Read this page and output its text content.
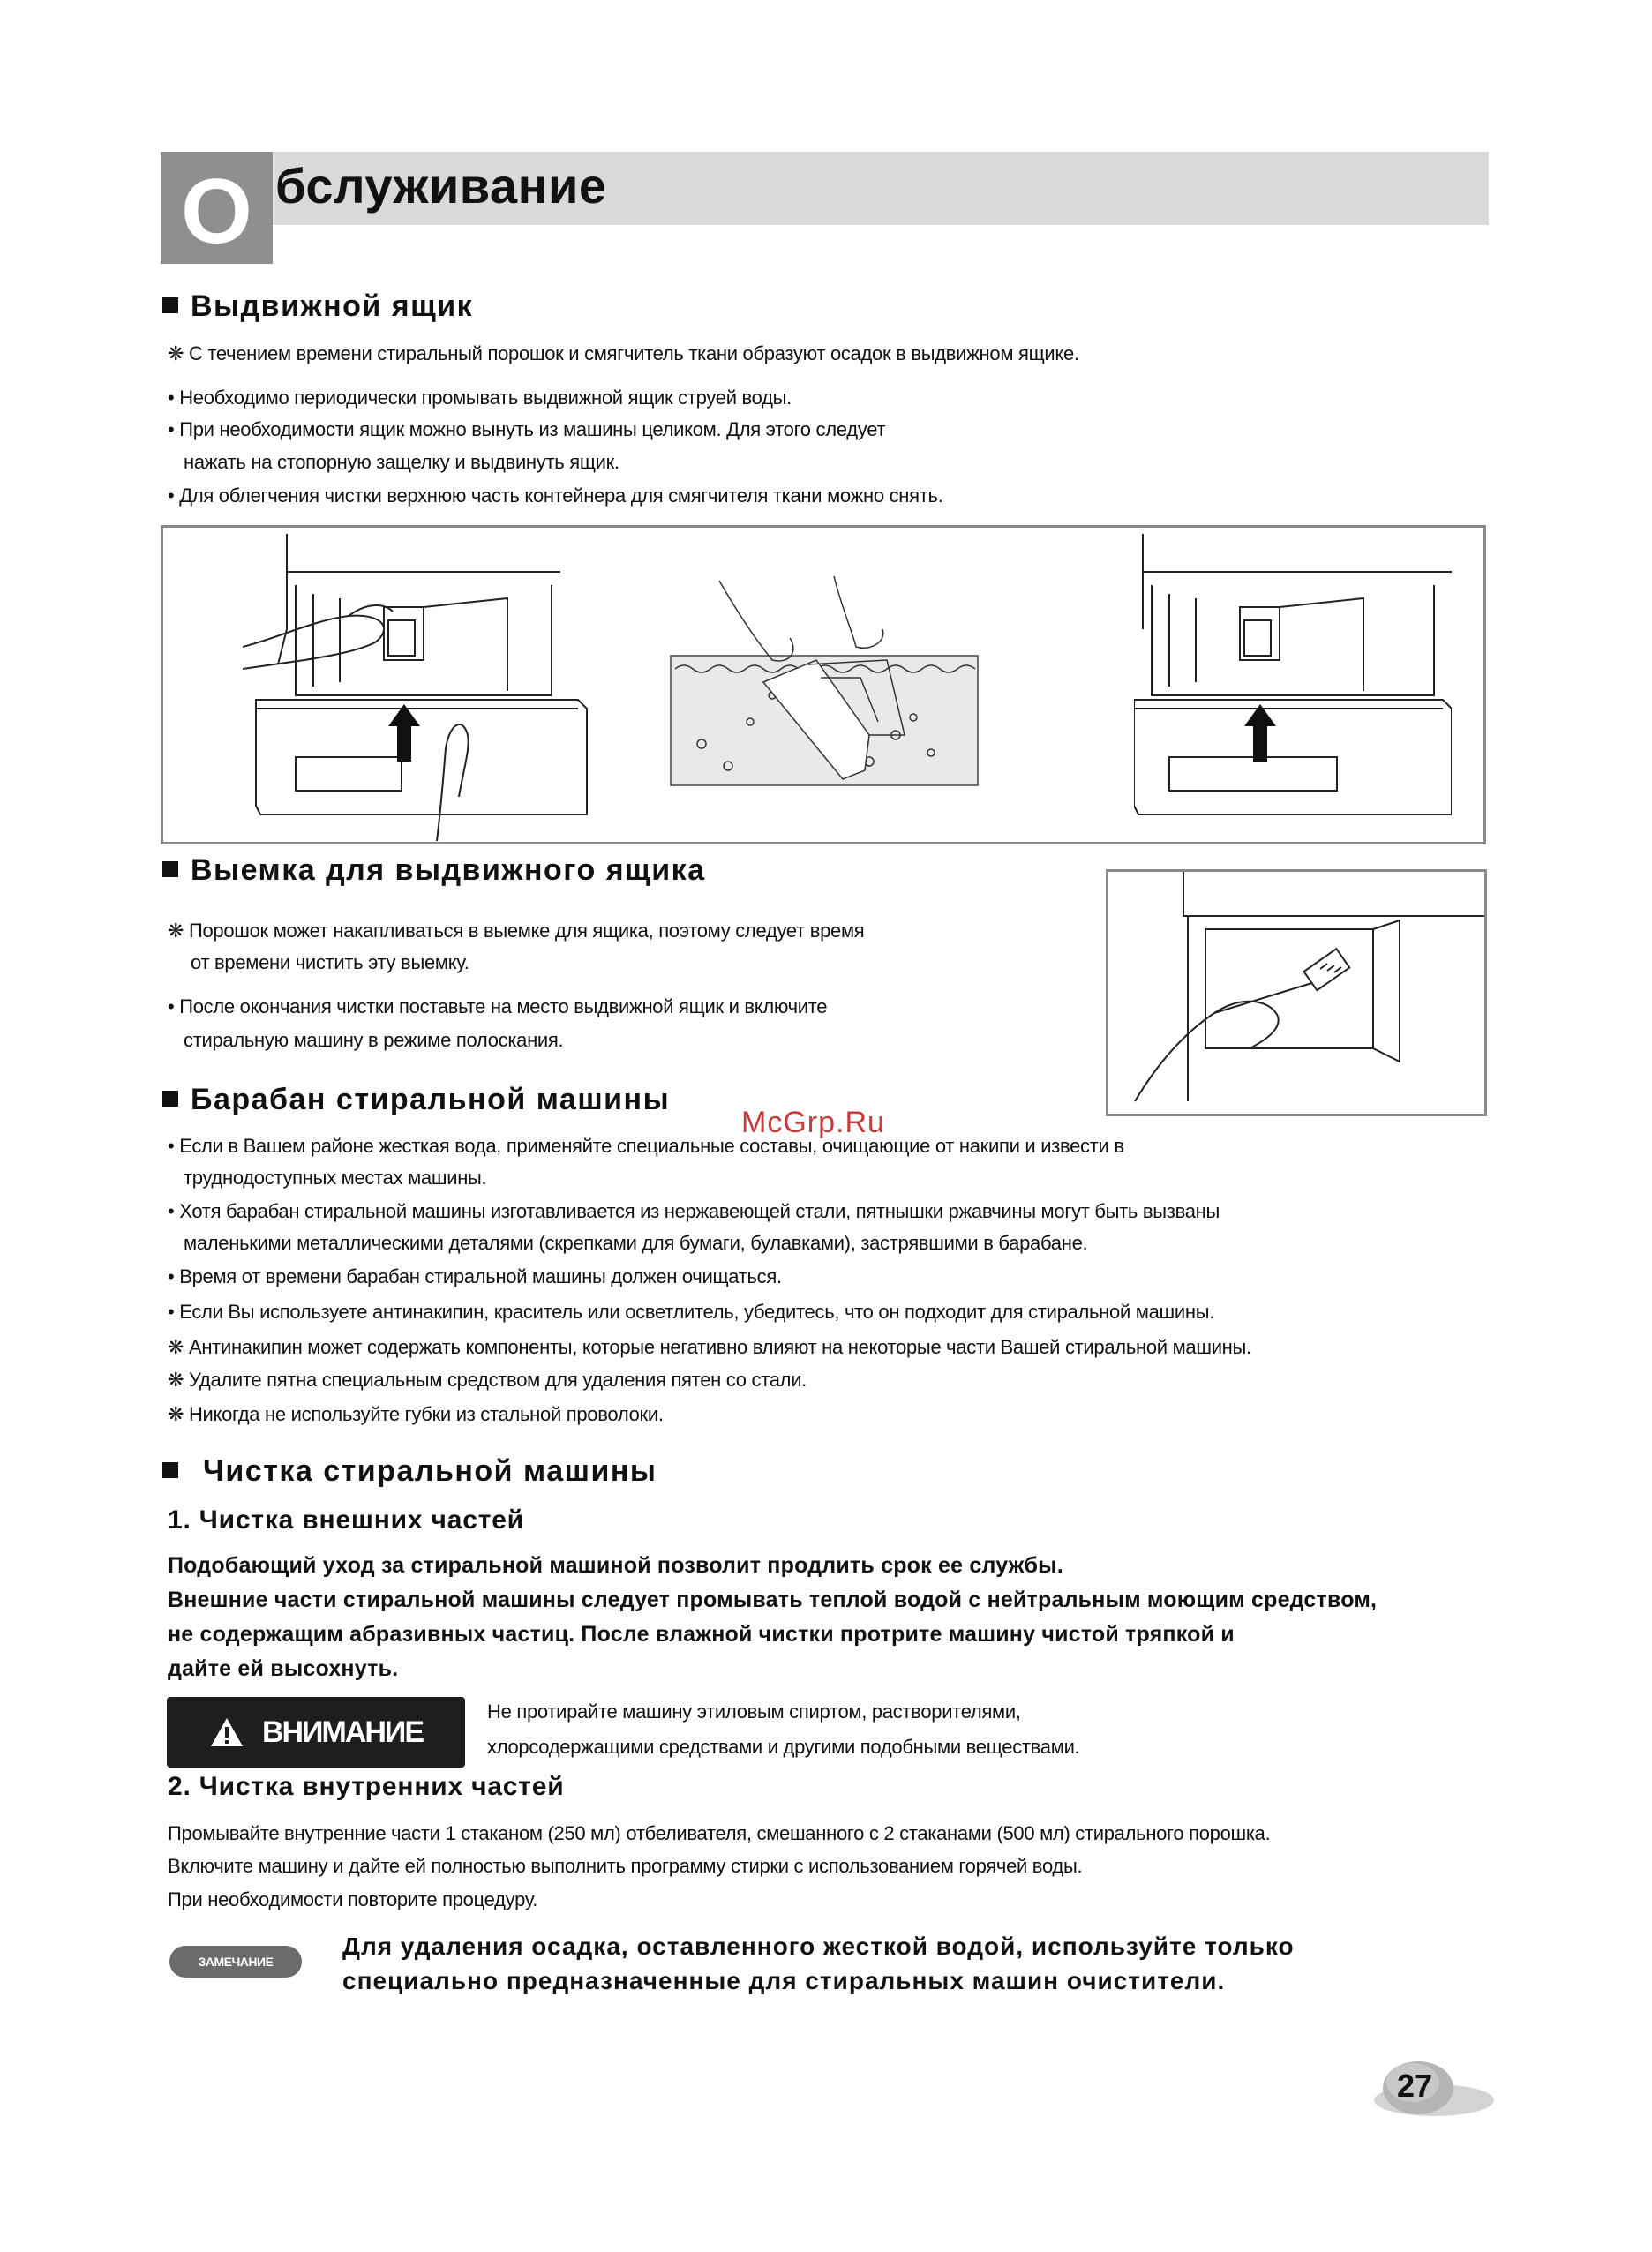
О бслуживание
Выдвижной ящик
❋ С течением времени стиральный порошок и смягчитель ткани образуют осадок в выдвижном ящике.
• Необходимо периодически промывать выдвижной ящик струей воды.
• При необходимости ящик можно вынуть из машины целиком. Для этого следует
нажать на стопорную защелку и выдвинуть ящик.
• Для облегчения чистки верхнюю часть контейнера для смягчителя ткани можно снять.
Выемка для выдвижного ящика
❋ Порошок может накапливаться в выемке для ящика, поэтому следует время
от времени чистить эту выемку.
• После окончания чистки поставьте на место выдвижной ящик и включите
стиральную машину в режиме полоскания.
Барабан стиральной машины
McGrp.Ru
• Если в Вашем районе жесткая вода, применяйте специальные составы, очищающие от накипи и извести в
труднодоступных местах машины.
• Хотя барабан стиральной машины изготавливается из нержавеющей стали, пятнышки ржавчины могут быть вызваны
маленькими металлическими деталями (скрепками для бумаги, булавками), застрявшими в барабане.
• Время от времени барабан стиральной машины должен очищаться.
• Если Вы используете антинакипин, краситель или осветлитель, убедитесь, что он подходит для стиральной машины.
❋ Антинакипин может содержать компоненты, которые негативно влияют на некоторые части Вашей стиральной машины.
❋ Удалите пятна специальным средством для удаления пятен со стали.
❋ Никогда не используйте губки из стальной проволоки.
Чистка стиральной машины
1. Чистка внешних частей
Подобающий уход за стиральной машиной позволит продлить срок ее службы.
Внешние части стиральной машины следует промывать теплой водой с нейтральным моющим средством,
не содержащим абразивных частиц. После влажной чистки протрите машину чистой тряпкой и
дайте ей высохнуть.
ВНИМАНИЕ
Не протирайте машину этиловым спиртом, растворителями,
хлорсодержащими средствами и другими подобными веществами.
2. Чистка внутренних частей
Промывайте внутренние части 1 стаканом (250 мл) отбеливателя, смешанного с 2 стаканами (500 мл) стирального порошка.
Включите машину и дайте ей полностью выполнить программу стирки с использованием горячей воды.
При необходимости повторите процедуру.
ЗАМЕЧАНИЕ
Для удаления осадка, оставленного жесткой водой, используйте только
специально предназначенные для стиральных машин очистители.
27
